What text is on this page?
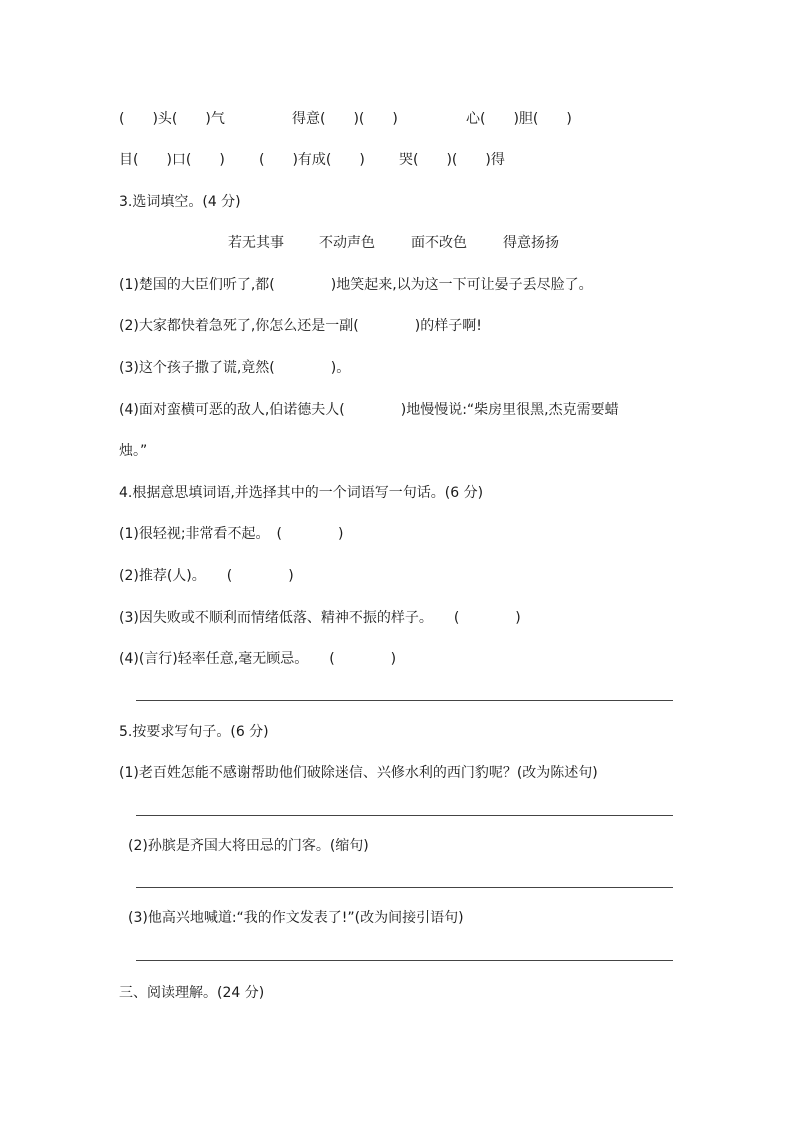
(　　)头(　　)气	得意(　　)(　　)	心(　　)胆(　　)
目(　　)口(　　) (　　)有成(　　) 哭(　　)(　　)得
3.选词填空。(4 分)
若无其事	不动声色	面不改色	得意扬扬
(1)楚国的大臣们听了,都(　　　　)地笑起来,以为这一下可让晏子丢尽脸了。
(2)大家都快着急死了,你怎么还是一副(　　　　)的样子啊!
(3)这个孩子撒了谎,竟然(　　　　)。
(4)面对蛮横可恶的敌人,伯诺德夫人(　　　　)地慢慢说:“柴房里很黑,杰克需要蜡
烛。”
4.根据意思填词语,并选择其中的一个词语写一句话。(6 分)
(1)很轻视;非常看不起。　(　　　　)
(2)推荐(人)。　　(　　　　)
(3)因失败或不顺利而情绪低落、精神不振的样子。　　(　　　　)
(4)(言行)轻率任意,毫无顾忌。　　(　　　　)
5.按要求写句子。(6 分)
(1)老百姓怎能不感谢帮助他们破除迷信、兴修水利的西门豹呢？(改为陈述句)
(2)孙膑是齐国大将田忌的门客。(缩句)
(3)他高兴地喊道:“我的作文发表了!”(改为间接引语句)
三、阅读理解。(24 分)
